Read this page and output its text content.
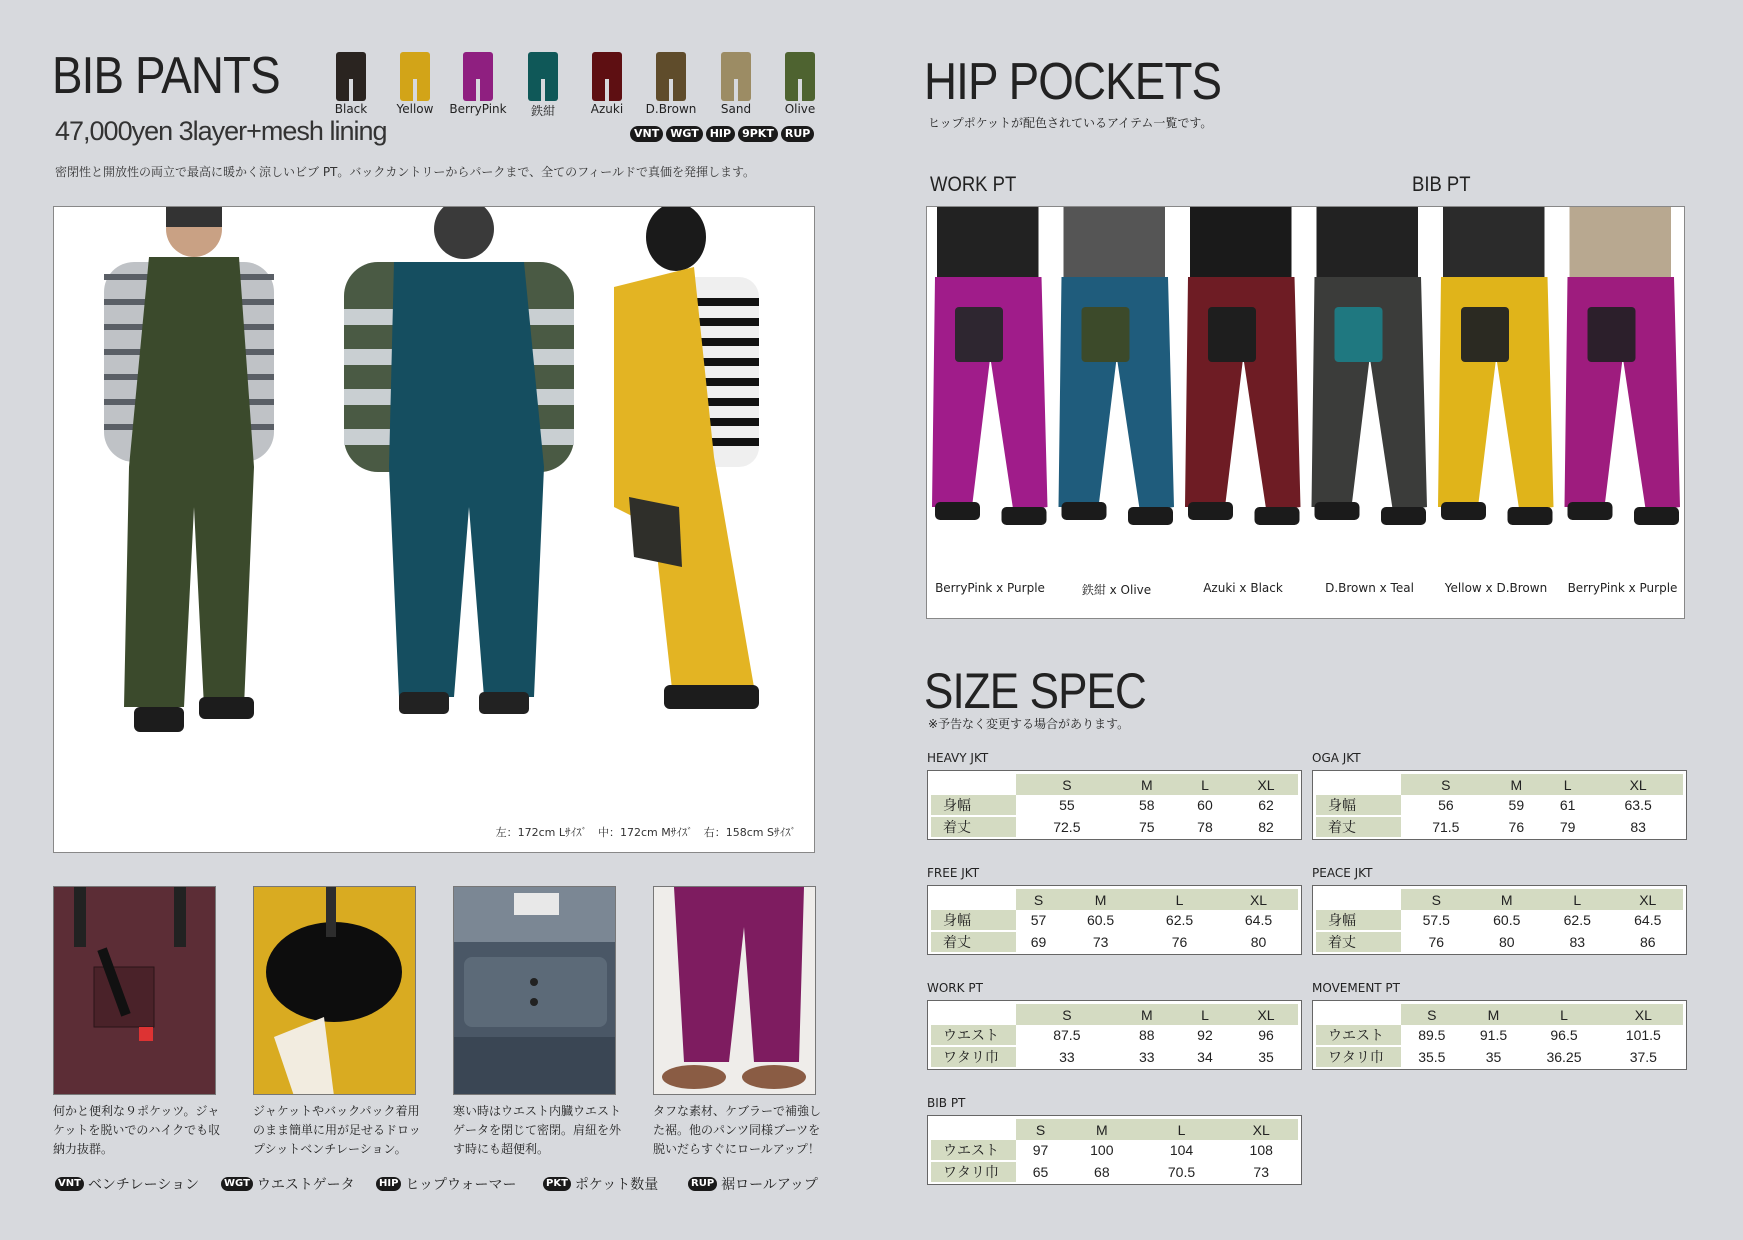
BIB PANTS
47,000yen 3layer+mesh lining
密閉性と開放性の両立で最高に暖かく涼しいビブ PT。バックカントリーからパークまで、全てのフィールドで真価を発揮します。
Black	Yellow	BerryPink	鉄紺	Azuki	D.Brown	Sand	Olive
VNT	WGT	HIP	9PKT	RUP
左：172cm Lｻｲｽﾞ　中：172cm Mｻｲｽﾞ　右：158cm Sｻｲｽﾞ
何かと便利な９ポケッツ。ジャケットを脱いでのハイクでも収納力抜群。
ジャケットやバックパック着用のまま簡単に用が足せるドロップシットベンチレーション。
寒い時はウエスト内臓ウエストゲータを閉じて密閉。肩紐を外す時にも超便利。
タフな素材、ケブラーで補強した裾。他のパンツ同様ブーツを脱いだらすぐにロールアップ！
VNT ベンチレーション	WGT ウエストゲータ	HIP ヒップウォーマー	PKT ポケット数量	RUP 裾ロールアップ
HIP POCKETS
ヒップポケットが配色されているアイテム一覧です。
WORK PT	BIB PT
BerryPink x Purple	鉄紺 x Olive	Azuki x Black	D.Brown x Teal	Yellow x D.Brown	BerryPink x Purple
SIZE SPEC
※予告なく変更する場合があります。
HEAVY JKT
	S	M	L	XL
身幅	55	58	60	62
着丈	72.5	75	78	82
OGA JKT
	S	M	L	XL
身幅	56	59	61	63.5
着丈	71.5	76	79	83
FREE JKT
	S	M	L	XL
身幅	57	60.5	62.5	64.5
着丈	69	73	76	80
PEACE JKT
	S	M	L	XL
身幅	57.5	60.5	62.5	64.5
着丈	76	80	83	86
WORK PT
	S	M	L	XL
ウエスト	87.5	88	92	96
ワタリ巾	33	33	34	35
MOVEMENT PT
	S	M	L	XL
ウエスト	89.5	91.5	96.5	101.5
ワタリ巾	35.5	35	36.25	37.5
BIB PT
	S	M	L	XL
ウエスト	97	100	104	108
ワタリ巾	65	68	70.5	73
